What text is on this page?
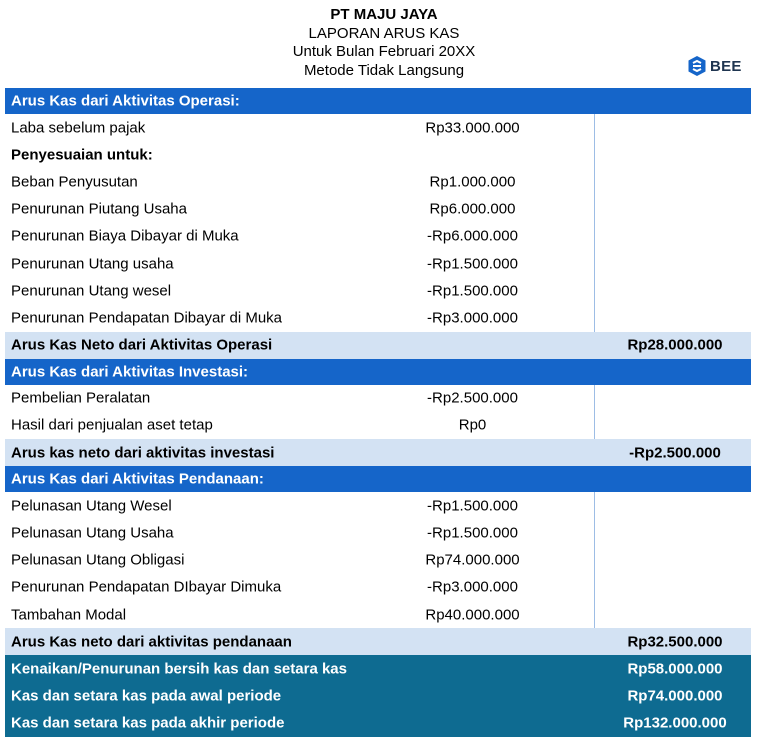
PT MAJU JAYA
LAPORAN ARUS KAS
Untuk Bulan Februari 20XX
Metode Tidak Langsung	BEE
Arus Kas dari Aktivitas Operasi:
Laba sebelum pajak	Rp33.000.000
Penyesuaian untuk:
Beban Penyusutan	Rp1.000.000
Penurunan Piutang Usaha	Rp6.000.000
Penurunan Biaya Dibayar di Muka	-Rp6.000.000
Penurunan Utang usaha	-Rp1.500.000
Penurunan Utang wesel	-Rp1.500.000
Penurunan Pendapatan Dibayar di Muka	-Rp3.000.000
Arus Kas Neto dari Aktivitas Operasi	Rp28.000.000
Arus Kas dari Aktivitas Investasi:
Pembelian Peralatan	-Rp2.500.000
Hasil dari penjualan aset tetap	Rp0
Arus kas neto dari aktivitas investasi	-Rp2.500.000
Arus Kas dari Aktivitas Pendanaan:
Pelunasan Utang Wesel	-Rp1.500.000
Pelunasan Utang Usaha	-Rp1.500.000
Pelunasan Utang Obligasi	Rp74.000.000
Penurunan Pendapatan DIbayar Dimuka	-Rp3.000.000
Tambahan Modal	Rp40.000.000
Arus Kas neto dari aktivitas pendanaan	Rp32.500.000
Kenaikan/Penurunan bersih kas dan setara kas	Rp58.000.000
Kas dan setara kas pada awal periode	Rp74.000.000
Kas dan setara kas pada akhir periode	Rp132.000.000
